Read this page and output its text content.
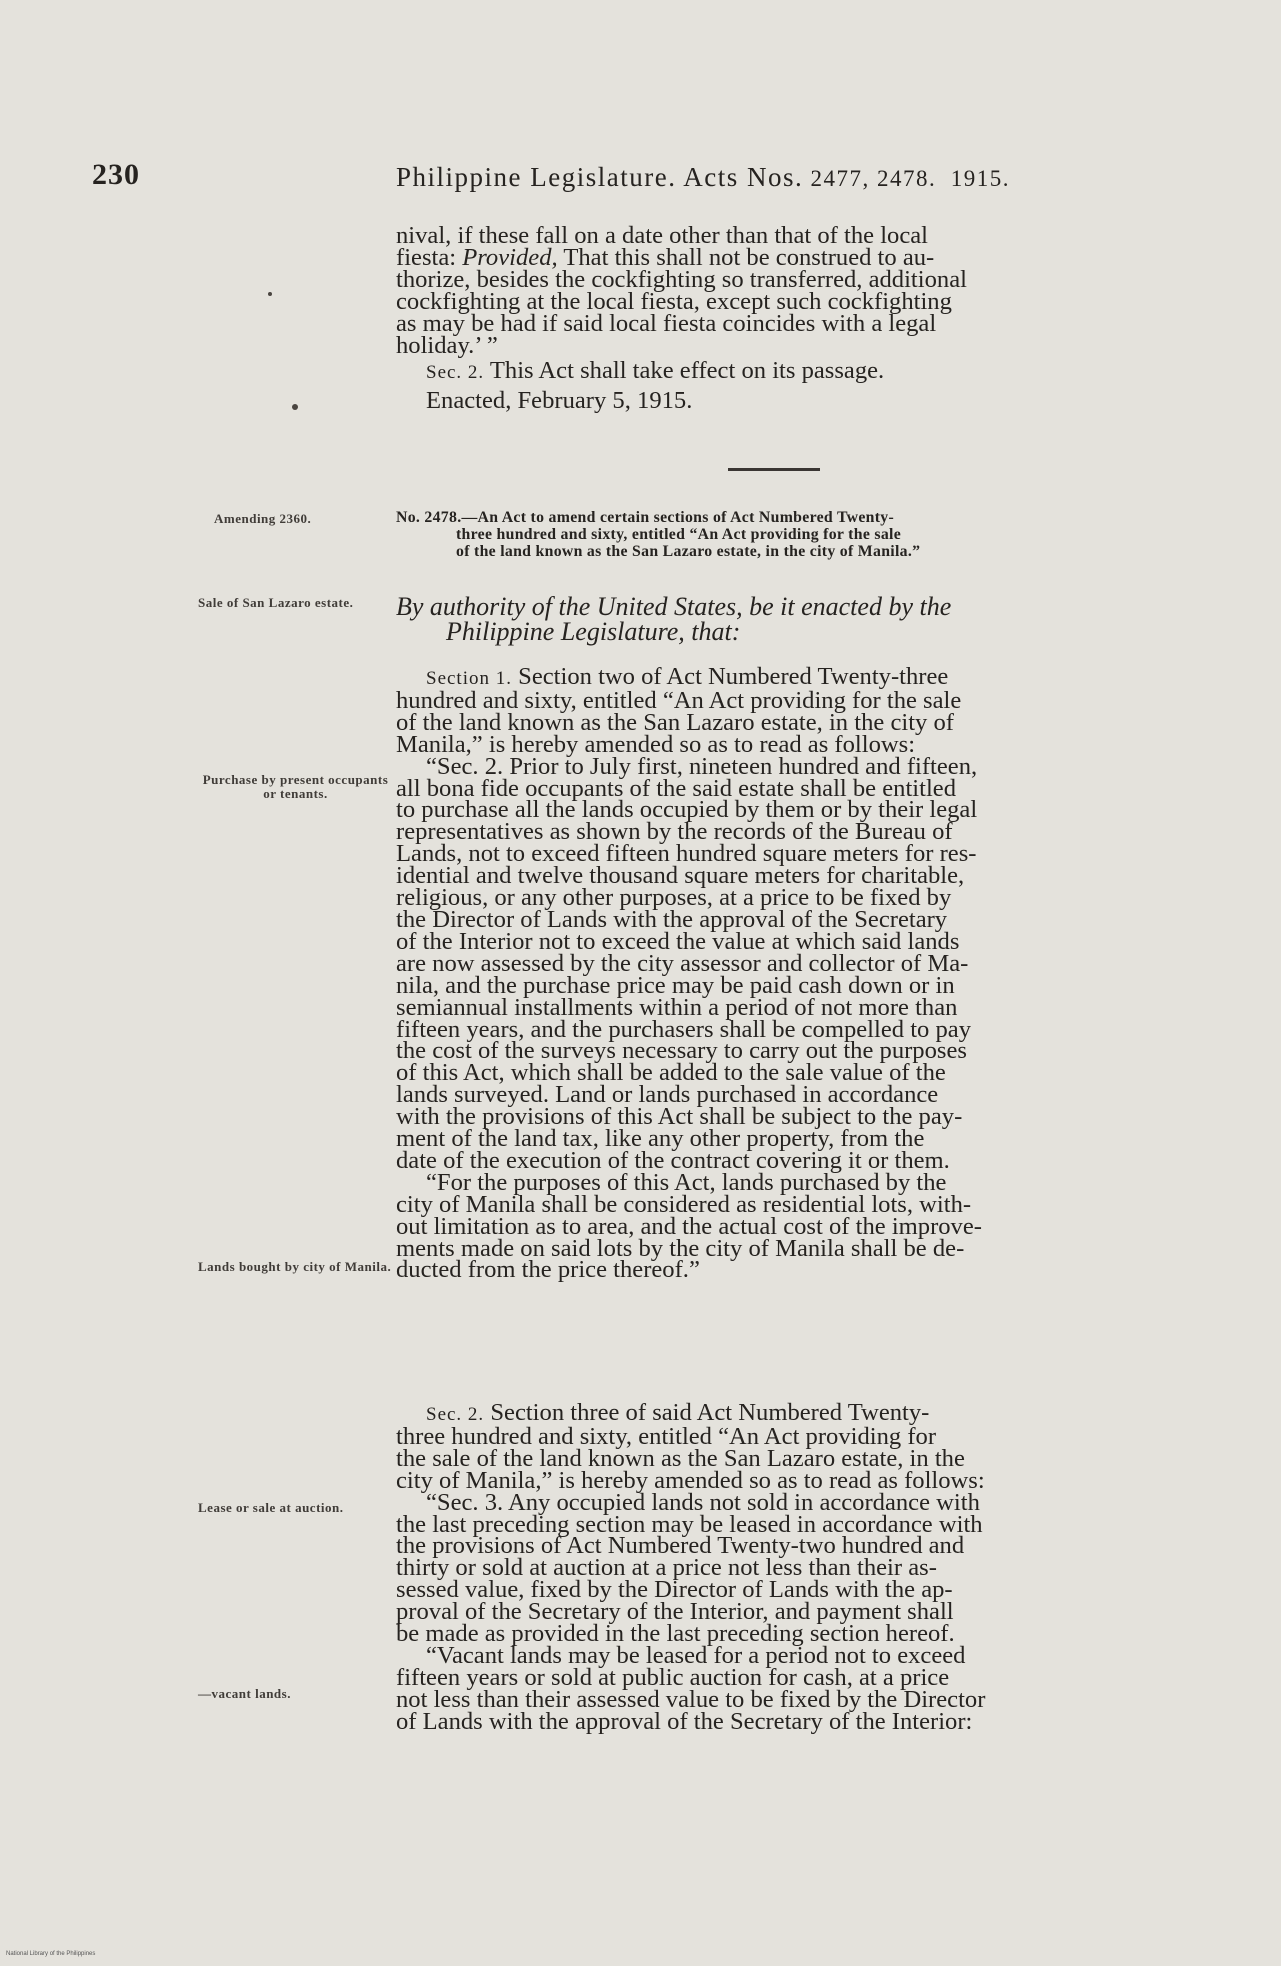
230	Philippine Legislature. Acts Nos. 2477, 2478. 1915.

nival, if these fall on a date other than that of the local

fiesta: Provided, That this shall not be construed to au-

thorize, besides the cockfighting so transferred, additional

cockfighting at the local fiesta, except such cockfighting

as may be had if said local fiesta coincides with a legal

holiday.’ ”

Sec. 2. This Act shall take effect on its passage.

Enacted, February 5, 1915.

Amending 2360.
Sale of San Lazaro estate.
Purchase by present occupants or tenants.
Lands bought by city of Manila.
Lease or sale at auction.
—vacant lands.
No. 2478.—An Act to amend certain sections of Act Numbered Twenty-
three hundred and sixty, entitled “An Act providing for the sale
of the land known as the San Lazaro estate, in the city of Manila.”
By authority of the United States, be it enacted by the
Philippine Legislature, that:

Section 1. Section two of Act Numbered Twenty-three

hundred and sixty, entitled “An Act providing for the sale

of the land known as the San Lazaro estate, in the city of

Manila,” is hereby amended so as to read as follows:

“Sec. 2. Prior to July first, nineteen hundred and fifteen,

all bona fide occupants of the said estate shall be entitled

to purchase all the lands occupied by them or by their legal

representatives as shown by the records of the Bureau of

Lands, not to exceed fifteen hundred square meters for res-

idential and twelve thousand square meters for charitable,

religious, or any other purposes, at a price to be fixed by

the Director of Lands with the approval of the Secretary

of the Interior not to exceed the value at which said lands

are now assessed by the city assessor and collector of Ma-

nila, and the purchase price may be paid cash down or in

semiannual installments within a period of not more than

fifteen years, and the purchasers shall be compelled to pay

the cost of the surveys necessary to carry out the purposes

of this Act, which shall be added to the sale value of the

lands surveyed. Land or lands purchased in accordance

with the provisions of this Act shall be subject to the pay-

ment of the land tax, like any other property, from the

date of the execution of the contract covering it or them.

“For the purposes of this Act, lands purchased by the

city of Manila shall be considered as residential lots, with-

out limitation as to area, and the actual cost of the improve-

ments made on said lots by the city of Manila shall be de-

ducted from the price thereof.”

Sec. 2. Section three of said Act Numbered Twenty-

three hundred and sixty, entitled “An Act providing for

the sale of the land known as the San Lazaro estate, in the

city of Manila,” is hereby amended so as to read as follows:

“Sec. 3. Any occupied lands not sold in accordance with

the last preceding section may be leased in accordance with

the provisions of Act Numbered Twenty-two hundred and

thirty or sold at auction at a price not less than their as-

sessed value, fixed by the Director of Lands with the ap-

proval of the Secretary of the Interior, and payment shall

be made as provided in the last preceding section hereof.

“Vacant lands may be leased for a period not to exceed

fifteen years or sold at public auction for cash, at a price

not less than their assessed value to be fixed by the Director

of Lands with the approval of the Secretary of the Interior:

National Library of the Philippines
